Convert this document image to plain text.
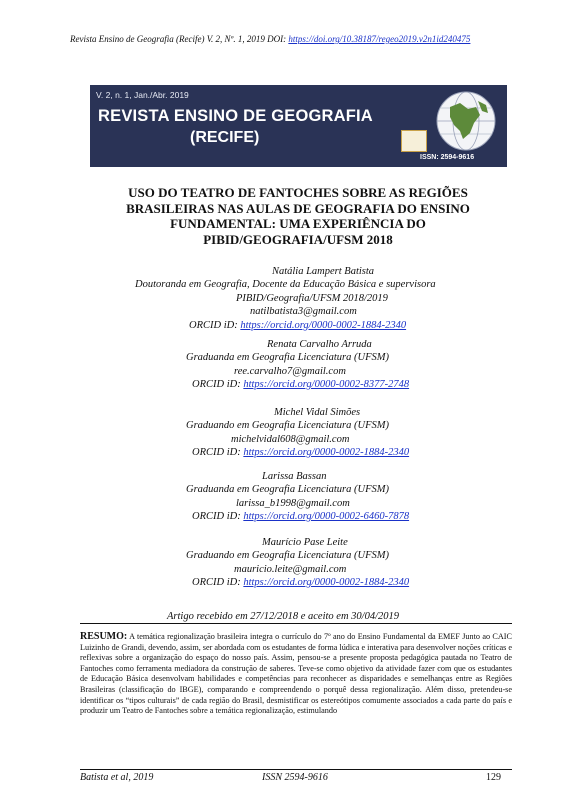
Revista Ensino de Geografia (Recife) V. 2, Nº. 1, 2019 DOI: https://doi.org/10.38187/regeo2019.v2n1id240475
V. 2, n. 1, Jan./Abr. 2019
REVISTA ENSINO DE GEOGRAFIA
(RECIFE)
ISSN: 2594-9616
USO DO TEATRO DE FANTOCHES SOBRE AS REGIÕES
BRASILEIRAS NAS AULAS DE GEOGRAFIA DO ENSINO
FUNDAMENTAL: UMA EXPERIÊNCIA DO
PIBID/GEOGRAFIA/UFSM 2018
Natália Lampert Batista
Doutoranda em Geografia, Docente da Educação Básica e supervisora
PIBID/Geografia/UFSM 2018/2019
natilbatista3@gmail.com
ORCID iD: https://orcid.org/0000-0002-1884-2340
Renata Carvalho Arruda
Graduanda em Geografia Licenciatura (UFSM)
ree.carvalho7@gmail.com
ORCID iD: https://orcid.org/0000-0002-8377-2748
Michel Vidal Simões
Graduando em Geografia Licenciatura (UFSM)
michelvidal608@gmail.com
ORCID iD: https://orcid.org/0000-0002-1884-2340
Larissa Bassan
Graduanda em Geografia Licenciatura (UFSM)
larissa_b1998@gmail.com
ORCID iD: https://orcid.org/0000-0002-6460-7878
Maurício Pase Leite
Graduando em Geografia Licenciatura (UFSM)
mauricio.leite@gmail.com
ORCID iD: https://orcid.org/0000-0002-1884-2340
Artigo recebido em 27/12/2018 e aceito em 30/04/2019
RESUMO: A temática regionalização brasileira integra o currículo do 7º ano do Ensino Fundamental da EMEF Junto ao CAIC Luizinho de Grandi, devendo, assim, ser abordada com os estudantes de forma lúdica e interativa para desenvolver noções críticas e reflexivas sobre a organização do espaço do nosso país. Assim, pensou-se a presente proposta pedagógica pautada no Teatro de Fantoches como ferramenta mediadora da construção de saberes. Teve-se como objetivo da atividade fazer com que os estudantes de Educação Básica desenvolvam habilidades e competências para reconhecer as disparidades e semelhanças entre as Regiões Brasileiras (classificação do IBGE), comparando e compreendendo o porquê dessa regionalização. Além disso, pretendeu-se identificar os “tipos culturais” de cada região do Brasil, desmistificar os estereótipos comumente associados a cada parte do país e produzir um Teatro de Fantoches sobre a temática regionalização, estimulando
Batista et al, 2019	ISSN 2594-9616	129
